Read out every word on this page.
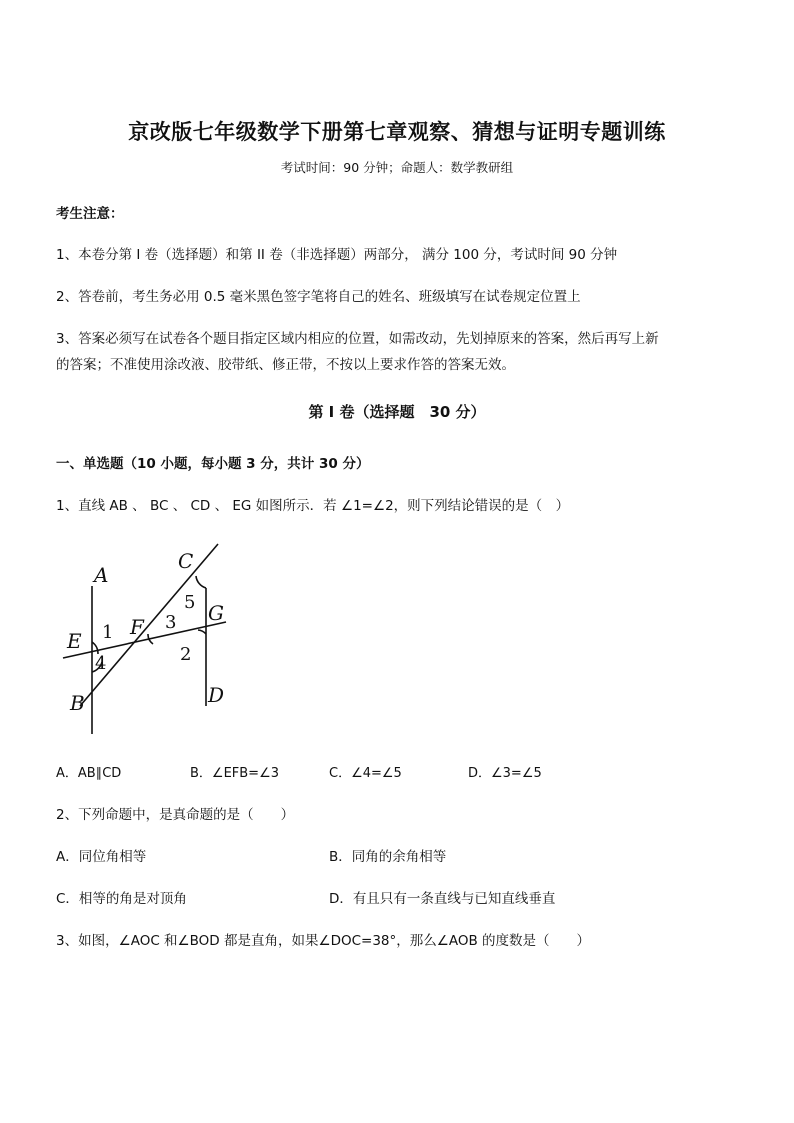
京改版七年级数学下册第七章观察、猜想与证明专题训练
考试时间：90 分钟；命题人：数学教研组
考生注意：
1、本卷分第 I 卷（选择题）和第 II 卷（非选择题）两部分， 满分 100 分，考试时间 90 分钟
2、答卷前，考生务必用 0.5 毫米黑色签字笔将自己的姓名、班级填写在试卷规定位置上
3、答案必须写在试卷各个题目指定区域内相应的位置，如需改动，先划掉原来的答案，然后再写上新
的答案；不准使用涂改液、胶带纸、修正带，不按以上要求作答的答案无效。
第 I 卷（选择题　30 分）
一、单选题（10 小题，每小题 3 分，共计 30 分）
1、直线 AB 、 BC 、 CD 、 EG 如图所示．若 ∠1=∠2，则下列结论错误的是（　）
A
B
C
D
E
F
G
1
2
3
4
5
A．AB∥CD	B．∠EFB=∠3	C．∠4=∠5	D．∠3=∠5
2、下列命题中，是真命题的是（　　）
A．同位角相等	B．同角的余角相等
C．相等的角是对顶角	D．有且只有一条直线与已知直线垂直
3、如图，∠AOC 和∠BOD 都是直角，如果∠DOC=38°，那么∠AOB 的度数是（　　）
